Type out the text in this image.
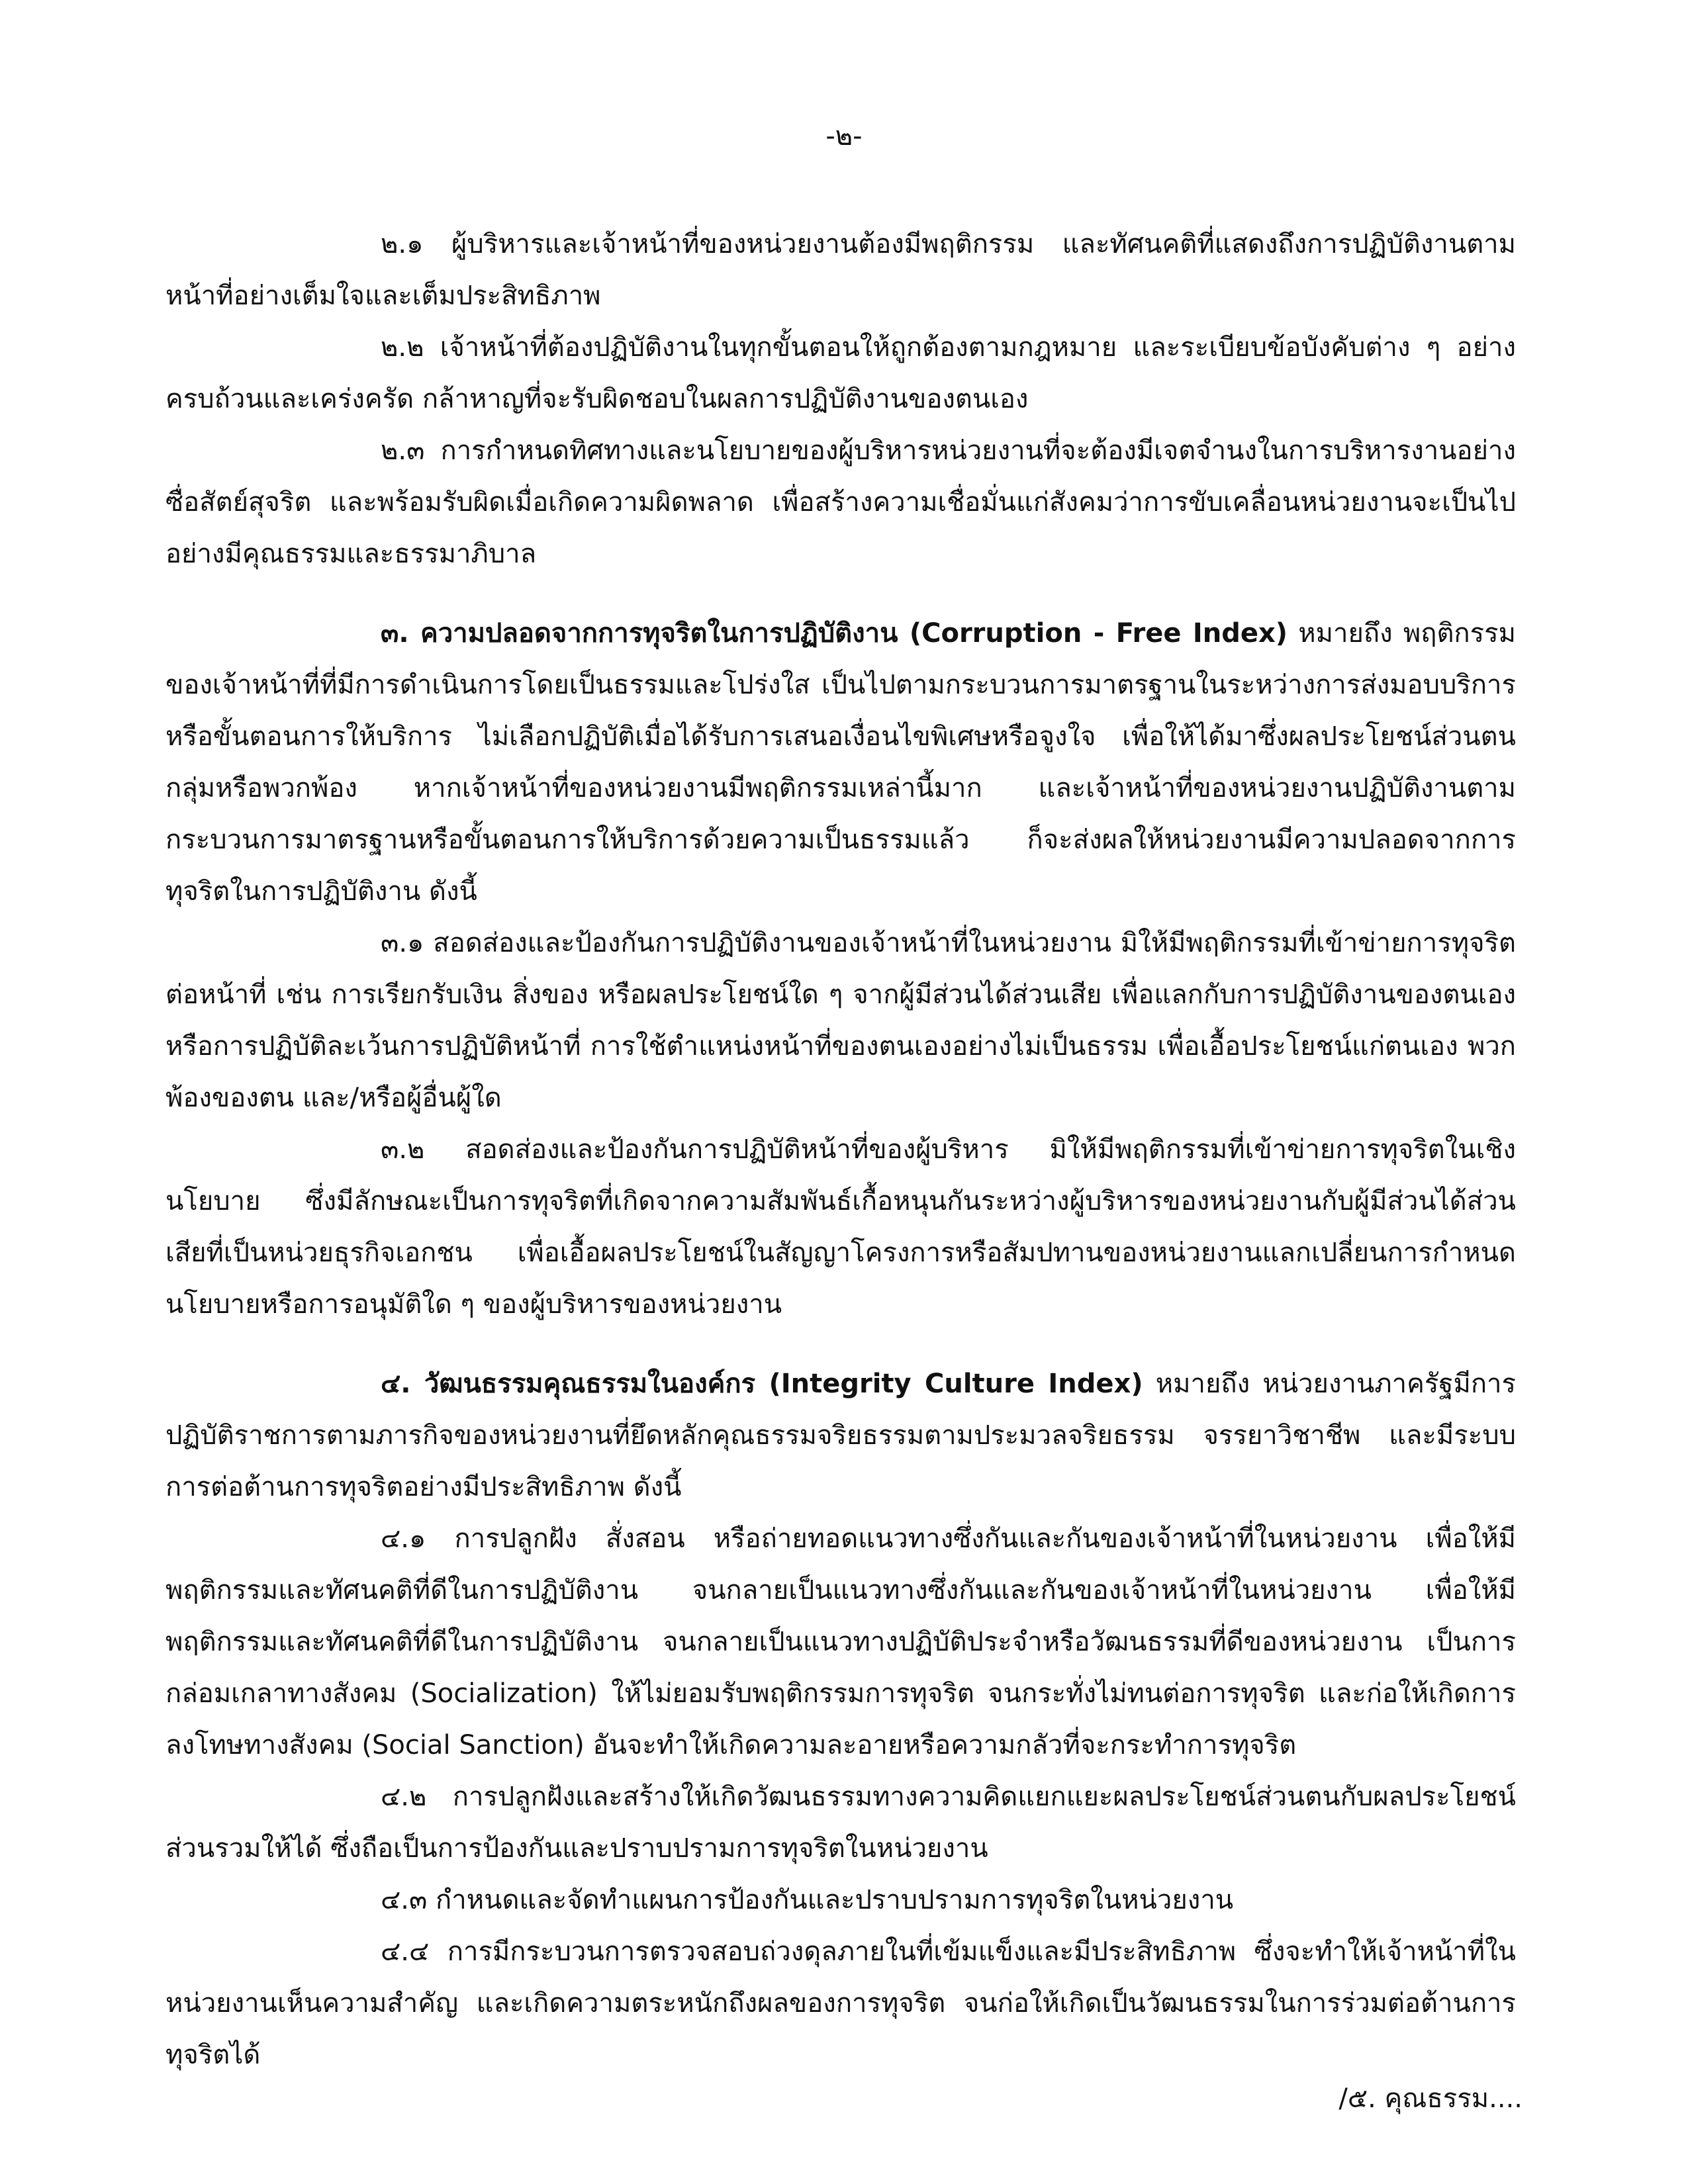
-๒-

๒.๑ ผู้บริหารและเจ้าหน้าที่ของหน่วยงานต้องมีพฤติกรรม และทัศนคติที่แสดงถึงการปฏิบัติงานตามหน้าที่อย่างเต็มใจและเต็มประสิทธิภาพ

๒.๒ เจ้าหน้าที่ต้องปฏิบัติงานในทุกขั้นตอนให้ถูกต้องตามกฎหมาย และระเบียบข้อบังคับต่าง ๆ อย่างครบถ้วนและเคร่งครัด กล้าหาญที่จะรับผิดชอบในผลการปฏิบัติงานของตนเอง

๒.๓ การกำหนดทิศทางและนโยบายของผู้บริหารหน่วยงานที่จะต้องมีเจตจำนงในการบริหารงานอย่างซื่อสัตย์สุจริต และพร้อมรับผิดเมื่อเกิดความผิดพลาด เพื่อสร้างความเชื่อมั่นแก่สังคมว่าการขับเคลื่อนหน่วยงานจะเป็นไปอย่างมีคุณธรรมและธรรมาภิบาล

๓. ความปลอดจากการทุจริตในการปฏิบัติงาน (Corruption - Free Index) หมายถึง พฤติกรรมของเจ้าหน้าที่ที่มีการดำเนินการโดยเป็นธรรมและโปร่งใส เป็นไปตามกระบวนการมาตรฐานในระหว่างการส่งมอบบริการหรือขั้นตอนการให้บริการ ไม่เลือกปฏิบัติเมื่อได้รับการเสนอเงื่อนไขพิเศษหรือจูงใจ เพื่อให้ได้มาซึ่งผลประโยชน์ส่วนตน กลุ่มหรือพวกพ้อง หากเจ้าหน้าที่ของหน่วยงานมีพฤติกรรมเหล่านี้มาก และเจ้าหน้าที่ของหน่วยงานปฏิบัติงานตามกระบวนการมาตรฐานหรือขั้นตอนการให้บริการด้วยความเป็นธรรมแล้ว ก็จะส่งผลให้หน่วยงานมีความปลอดจากการทุจริตในการปฏิบัติงาน ดังนี้

๓.๑ สอดส่องและป้องกันการปฏิบัติงานของเจ้าหน้าที่ในหน่วยงาน มิให้มีพฤติกรรมที่เข้าข่ายการทุจริตต่อหน้าที่ เช่น การเรียกรับเงิน สิ่งของ หรือผลประโยชน์ใด ๆ จากผู้มีส่วนได้ส่วนเสีย เพื่อแลกกับการปฏิบัติงานของตนเอง หรือการปฏิบัติละเว้นการปฏิบัติหน้าที่ การใช้ตำแหน่งหน้าที่ของตนเองอย่างไม่เป็นธรรม เพื่อเอื้อประโยชน์แก่ตนเอง พวกพ้องของตน และ/หรือผู้อื่นผู้ใด

๓.๒ สอดส่องและป้องกันการปฏิบัติหน้าที่ของผู้บริหาร มิให้มีพฤติกรรมที่เข้าข่ายการทุจริตในเชิงนโยบาย ซึ่งมีลักษณะเป็นการทุจริตที่เกิดจากความสัมพันธ์เกื้อหนุนกันระหว่างผู้บริหารของหน่วยงานกับผู้มีส่วนได้ส่วนเสียที่เป็นหน่วยธุรกิจเอกชน เพื่อเอื้อผลประโยชน์ในสัญญาโครงการหรือสัมปทานของหน่วยงานแลกเปลี่ยนการกำหนดนโยบายหรือการอนุมัติใด ๆ ของผู้บริหารของหน่วยงาน

๔. วัฒนธรรมคุณธรรมในองค์กร (Integrity Culture Index) หมายถึง หน่วยงานภาครัฐมีการปฏิบัติราชการตามภารกิจของหน่วยงานที่ยึดหลักคุณธรรมจริยธรรมตามประมวลจริยธรรม จรรยาวิชาชีพ และมีระบบการต่อต้านการทุจริตอย่างมีประสิทธิภาพ ดังนี้

๔.๑ การปลูกฝัง สั่งสอน หรือถ่ายทอดแนวทางซึ่งกันและกันของเจ้าหน้าที่ในหน่วยงาน เพื่อให้มีพฤติกรรมและทัศนคติที่ดีในการปฏิบัติงาน จนกลายเป็นแนวทางซึ่งกันและกันของเจ้าหน้าที่ในหน่วยงาน เพื่อให้มีพฤติกรรมและทัศนคติที่ดีในการปฏิบัติงาน จนกลายเป็นแนวทางปฏิบัติประจำหรือวัฒนธรรมที่ดีของหน่วยงาน เป็นการกล่อมเกลาทางสังคม (Socialization) ให้ไม่ยอมรับพฤติกรรมการทุจริต จนกระทั่งไม่ทนต่อการทุจริต และก่อให้เกิดการลงโทษทางสังคม (Social Sanction) อันจะทำให้เกิดความละอายหรือความกลัวที่จะกระทำการทุจริต

๔.๒ การปลูกฝังและสร้างให้เกิดวัฒนธรรมทางความคิดแยกแยะผลประโยชน์ส่วนตนกับผลประโยชน์ส่วนรวมให้ได้ ซึ่งถือเป็นการป้องกันและปราบปรามการทุจริตในหน่วยงาน

๔.๓ กำหนดและจัดทำแผนการป้องกันและปราบปรามการทุจริตในหน่วยงาน

๔.๔ การมีกระบวนการตรวจสอบถ่วงดุลภายในที่เข้มแข็งและมีประสิทธิภาพ ซึ่งจะทำให้เจ้าหน้าที่ในหน่วยงานเห็นความสำคัญ และเกิดความตระหนักถึงผลของการทุจริต จนก่อให้เกิดเป็นวัฒนธรรมในการร่วมต่อต้านการทุจริตได้

/๕. คุณธรรม....
